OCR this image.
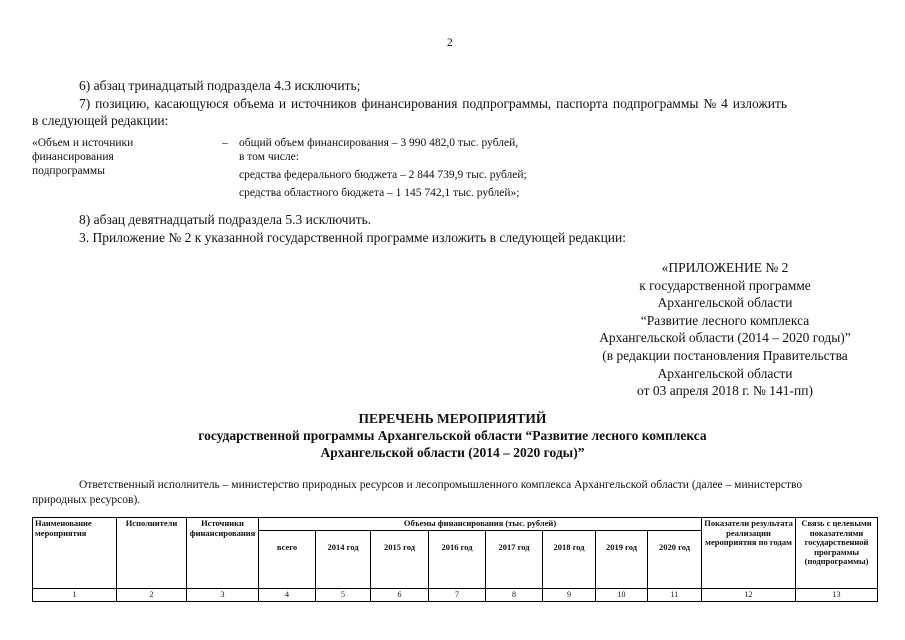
2
6) абзац тринадцатый подраздела 4.3 исключить;
7) позицию, касающуюся объема и источников финансирования подпрограммы, паспорта подпрограммы № 4 изложить
в следующей редакции:
«Объем и источники
финансирования
подпрограммы
– общий объем финансирования – 3 990 482,0 тыс. рублей,
в том числе:
средства федерального бюджета – 2 844 739,9 тыс. рублей;
средства областного бюджета – 1 145 742,1 тыс. рублей»;
8) абзац девятнадцатый подраздела 5.3 исключить.
3. Приложение № 2 к указанной государственной программе изложить в следующей редакции:
«ПРИЛОЖЕНИЕ № 2
к государственной программе
Архангельской области
“Развитие лесного комплекса
Архангельской области (2014 – 2020 годы)”
(в редакции постановления Правительства
Архангельской области
от 03 апреля 2018 г. № 141-пп)
ПЕРЕЧЕНЬ МЕРОПРИЯТИЙ
государственной программы Архангельской области “Развитие лесного комплекса
Архангельской области (2014 – 2020 годы)”
Ответственный исполнитель – министерство природных ресурсов и лесопромышленного комплекса Архангельской области (далее – министерство
природных ресурсов).
Наименование мероприятия	Исполнители	Источники финансирования	Объемы финансирования (тыс. рублей)								Показатели результата реализации мероприятия по годам	Связь с целевыми показателями государственной программы (подпрограммы)
			всего	2014 год	2015 год	2016 год	2017 год	2018 год	2019 год	2020 год		
1	2	3	4	5	6	7	8	9	10	11	12	13
